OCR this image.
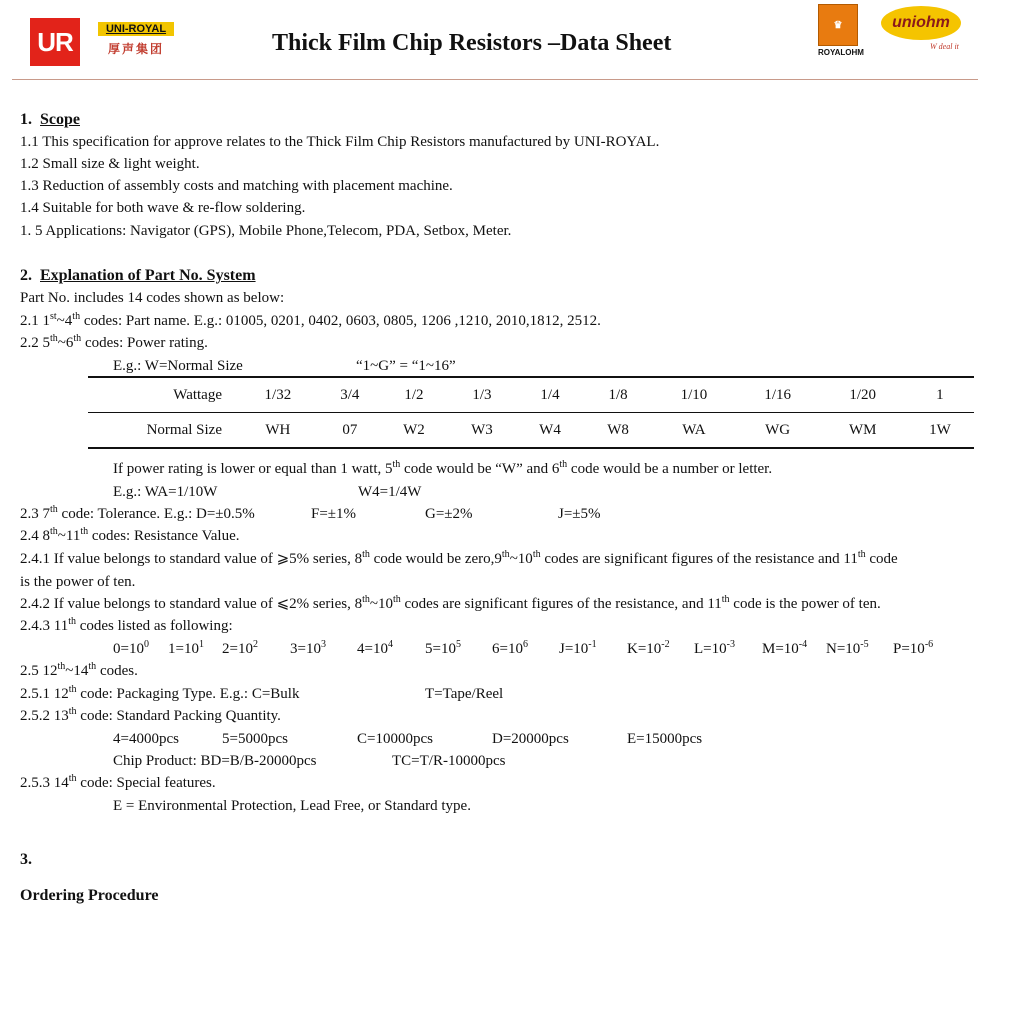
UR	UNI-ROYAL
厚声集团	Thick Film Chip Resistors –Data Sheet
♛
ROYALOHM
uniohm
W deal it
1. Scope
1.1 This specification for approve relates to the Thick Film Chip Resistors manufactured by UNI-ROYAL.
1.2 Small size & light weight.
1.3 Reduction of assembly costs and matching with placement machine.
1.4 Suitable for both wave & re-flow soldering.
1. 5 Applications: Navigator (GPS), Mobile Phone,Telecom, PDA, Setbox, Meter.
2. Explanation of Part No. System
Part No. includes 14 codes shown as below:
2.1 1st~4th codes: Part name. E.g.: 01005, 0201, 0402, 0603, 0805, 1206 ,1210, 2010,1812, 2512.
2.2 5th~6th codes: Power rating.
E.g.: W=Normal Size	“1~G” = “1~16”
Wattage	1/32	3/4	1/2	1/3	1/4	1/8	1/10	1/16	1/20	1
Normal Size	WH	07	W2	W3	W4	W8	WA	WG	WM	1W
If power rating is lower or equal than 1 watt, 5th code would be “W” and 6th code would be a number or letter.
E.g.: WA=1/10W	W4=1/4W
2.3 7th code: Tolerance. E.g.: D=±0.5%	F=±1%	G=±2%	J=±5%
2.4 8th~11th codes: Resistance Value.
2.4.1 If value belongs to standard value of ⩾5% series, 8th code would be zero,9th~10th codes are significant figures of the resistance and 11th code
is the power of ten.
2.4.2 If value belongs to standard value of ⩽2% series, 8th~10th codes are significant figures of the resistance, and 11th code is the power of ten.
2.4.3 11th codes listed as following:
$0=10^0$ $1=10^1$ $2=10^2$ $3=10^3$ $4=10^4$ $5=10^5$ $6=10^6$ $J=10^{-1}$ $K=10^{-2}$ $L=10^{-3}$ $M=10^{-4}$ $N=10^{-5}$ $P=10^{-6}$
2.5 12th~14th codes.
2.5.1 12th code: Packaging Type. E.g.: C=Bulk	T=Tape/Reel
2.5.2 13th code: Standard Packing Quantity.
4=4000pcs	5=5000pcs	C=10000pcs	D=20000pcs	E=15000pcs
Chip Product: BD=B/B-20000pcs	TC=T/R-10000pcs
2.5.3 14th code: Special features.
E = Environmental Protection, Lead Free, or Standard type.
3.

Ordering Procedure
